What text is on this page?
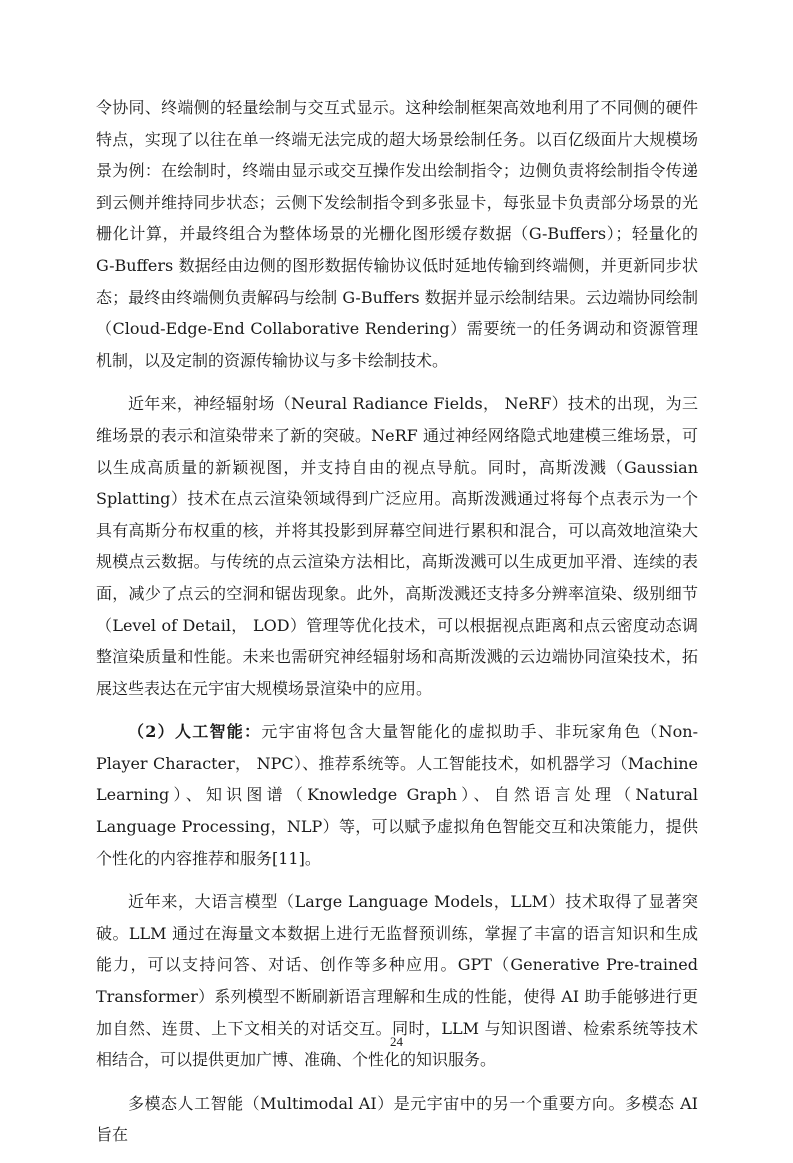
令协同、终端侧的轻量绘制与交互式显示。这种绘制框架高效地利用了不同侧的硬件特点，实现了以往在单一终端无法完成的超大场景绘制任务。以百亿级面片大规模场景为例：在绘制时，终端由显示或交互操作发出绘制指令；边侧负责将绘制指令传递到云侧并维持同步状态；云侧下发绘制指令到多张显卡，每张显卡负责部分场景的光栅化计算，并最终组合为整体场景的光栅化图形缓存数据（G-Buffers）；轻量化的 G-Buffers 数据经由边侧的图形数据传输协议低时延地传输到终端侧，并更新同步状态；最终由终端侧负责解码与绘制 G-Buffers 数据并显示绘制结果。云边端协同绘制（Cloud-Edge-End Collaborative Rendering）需要统一的任务调动和资源管理机制，以及定制的资源传输协议与多卡绘制技术。

近年来，神经辐射场（Neural Radiance Fields， NeRF）技术的出现，为三维场景的表示和渲染带来了新的突破。NeRF 通过神经网络隐式地建模三维场景，可以生成高质量的新颖视图，并支持自由的视点导航。同时，高斯泼溅（Gaussian Splatting）技术在点云渲染领域得到广泛应用。高斯泼溅通过将每个点表示为一个具有高斯分布权重的核，并将其投影到屏幕空间进行累积和混合，可以高效地渲染大规模点云数据。与传统的点云渲染方法相比，高斯泼溅可以生成更加平滑、连续的表面，减少了点云的空洞和锯齿现象。此外，高斯泼溅还支持多分辨率渲染、级别细节（Level of Detail， LOD）管理等优化技术，可以根据视点距离和点云密度动态调整渲染质量和性能。未来也需研究神经辐射场和高斯泼溅的云边端协同渲染技术，拓展这些表达在元宇宙大规模场景渲染中的应用。

（2）人工智能：元宇宙将包含大量智能化的虚拟助手、非玩家角色（Non-Player Character， NPC）、推荐系统等。人工智能技术，如机器学习（Machine Learning）、知识图谱（Knowledge Graph）、自然语言处理（Natural Language Processing，NLP）等，可以赋予虚拟角色智能交互和决策能力，提供个性化的内容推荐和服务[11]。

近年来，大语言模型（Large Language Models，LLM）技术取得了显著突破。LLM 通过在海量文本数据上进行无监督预训练，掌握了丰富的语言知识和生成能力，可以支持问答、对话、创作等多种应用。GPT（Generative Pre-trained Transformer）系列模型不断刷新语言理解和生成的性能，使得 AI 助手能够进行更加自然、连贯、上下文相关的对话交互。同时，LLM 与知识图谱、检索系统等技术相结合，可以提供更加广博、准确、个性化的知识服务。

多模态人工智能（Multimodal AI）是元宇宙中的另一个重要方向。多模态 AI 旨在

24
